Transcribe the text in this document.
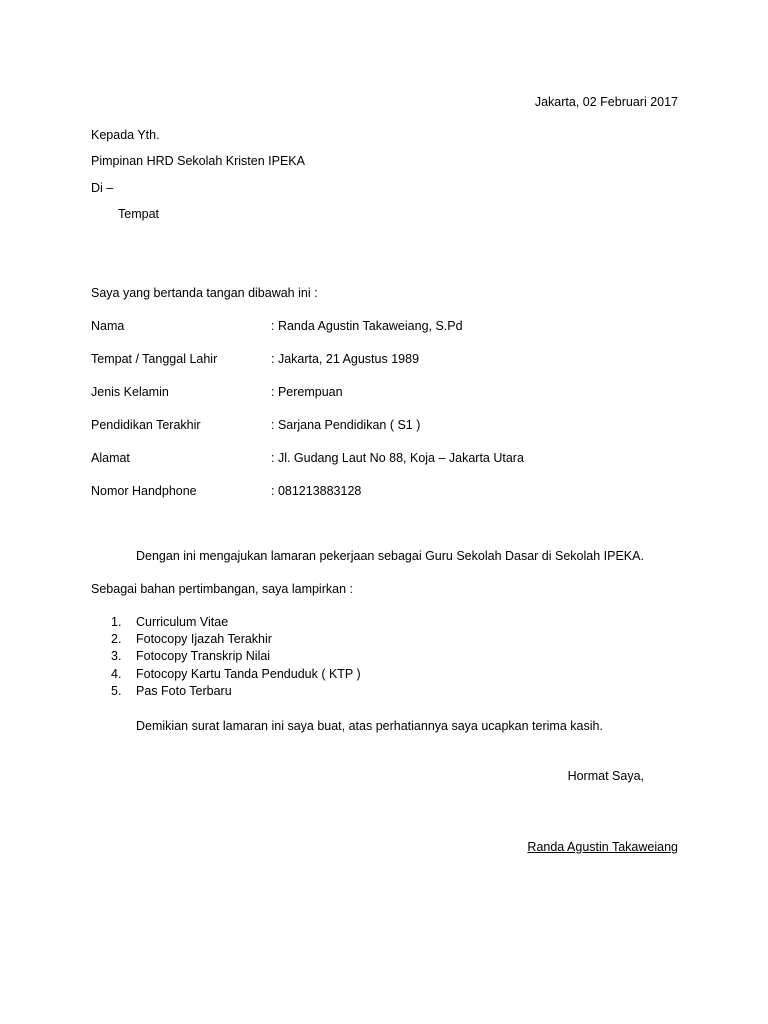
Jakarta, 02 Februari 2017
Kepada Yth.
Pimpinan HRD Sekolah Kristen IPEKA
Di –
Tempat
Saya yang bertanda tangan dibawah ini :
Nama	: Randa Agustin Takaweiang, S.Pd
Tempat / Tanggal Lahir	: Jakarta, 21 Agustus 1989
Jenis Kelamin	: Perempuan
Pendidikan Terakhir	: Sarjana Pendidikan ( S1 )
Alamat	: Jl. Gudang Laut No 88, Koja – Jakarta Utara
Nomor Handphone	: 081213883128
Dengan ini mengajukan lamaran pekerjaan sebagai Guru Sekolah Dasar di Sekolah IPEKA.
Sebagai bahan pertimbangan, saya lampirkan :
1. Curriculum Vitae
2. Fotocopy Ijazah Terakhir
3. Fotocopy Transkrip Nilai
4. Fotocopy Kartu Tanda Penduduk ( KTP )
5. Pas Foto Terbaru
Demikian surat lamaran ini saya buat, atas perhatiannya saya ucapkan terima kasih.
Hormat Saya,
Randa Agustin Takaweiang
